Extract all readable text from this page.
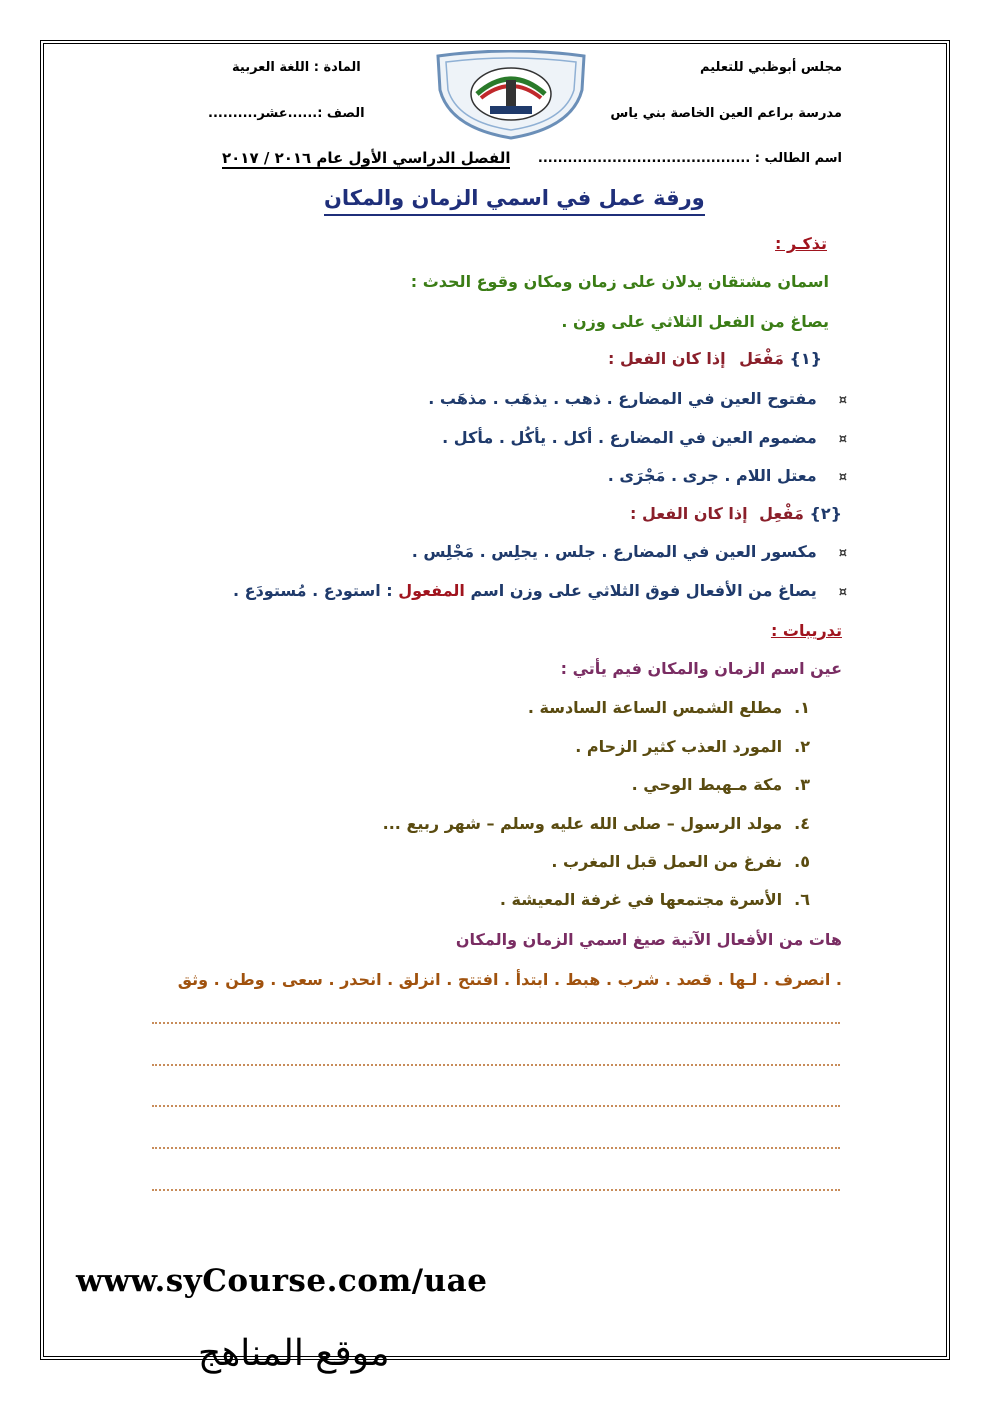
مجلس أبوظبي للتعليم
مدرسة براعم العين الخاصة بني ياس
المادة : اللغة العربية
الصف :......عشر..........
اسم الطالب : ...........................................
الفصل الدراسي الأول عام ٢٠١٦ / ٢٠١٧
ورقة عمل في اسمي الزمان والمكان
تذكـر :
اسمان مشتقان يدلان على زمان ومكان وقوع الحدث :
يصاغ من الفعل الثلاثي على وزن .
{١} مَفْعَل إذا كان الفعل :
¤مفتوح العين في المضارع . ذهب . يذهَب . مذهَب .
¤مضموم العين في المضارع . أكل . يأكُل . مأكل .
¤معتل اللام . جرى . مَجْرَى .
{٢} مَفْعِل إذا كان الفعل :
¤مكسور العين في المضارع . جلس . يجلِس . مَجْلِس .
¤يصاغ من الأفعال فوق الثلاثي على وزن اسم المفعول : استودع . مُستودَع .
تدريبات :
عين اسم الزمان والمكان فيم يأتي :
١.مطلع الشمس الساعة السادسة .
٢.المورد العذب كثير الزحام .
٣.مكة مـهبط الوحي .
٤.مولد الرسول – صلى الله عليه وسلم – شهر ربيع ...
٥.نفرغ من العمل قبل المغرب .
٦.الأسرة مجتمعها في غرفة المعيشة .
هات من الأفعال الآتية صيغ اسمي الزمان والمكان
. انصرف . لـها . قصد . شرب . هبط . ابتدأ . افتتح . انزلق . انحدر . سعى . وطن . وثق
www.syCourse.com/uae
موقع المناهج
